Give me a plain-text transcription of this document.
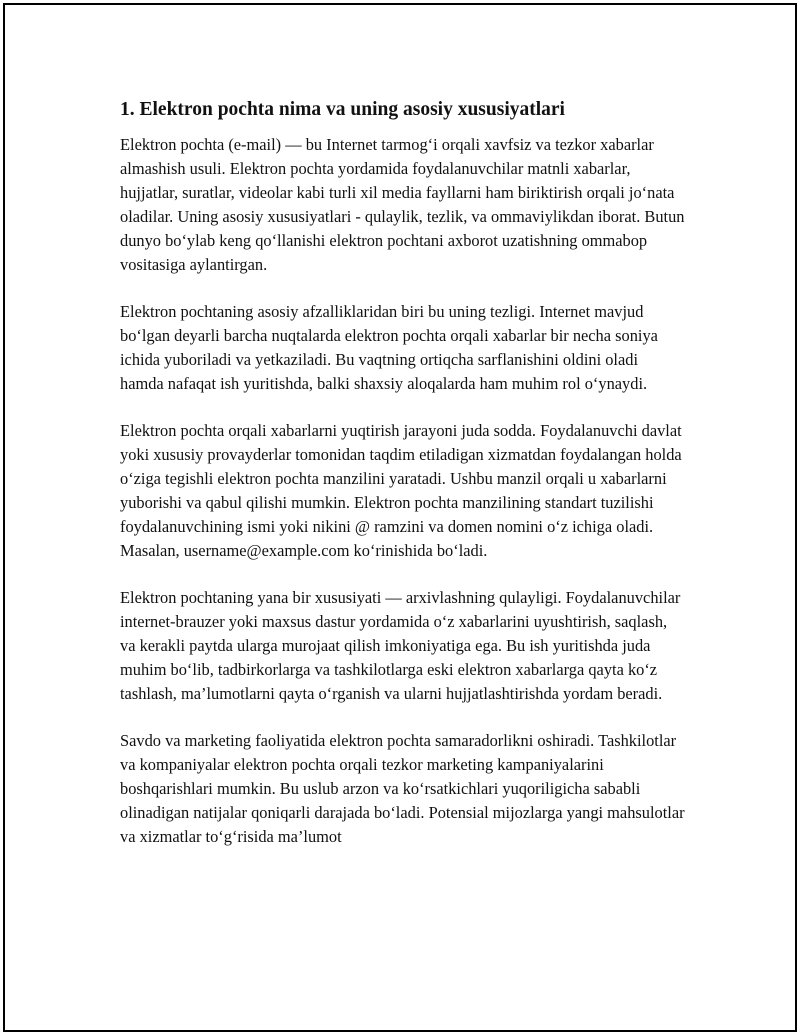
1. Elektron pochta nima va uning asosiy xususiyatlari

Elektron pochta (e-mail) — bu Internet tarmog‘i orqali xavfsiz va tezkor xabarlar almashish usuli. Elektron pochta yordamida foydalanuvchilar matnli xabarlar, hujjatlar, suratlar, videolar kabi turli xil media fayllarni ham biriktirish orqali jo‘nata oladilar. Uning asosiy xususiyatlari - qulaylik, tezlik, va ommaviylikdan iborat. Butun dunyo bo‘ylab keng qo‘llanishi elektron pochtani axborot uzatishning ommabop vositasiga aylantirgan.

Elektron pochtaning asosiy afzalliklaridan biri bu uning tezligi. Internet mavjud bo‘lgan deyarli barcha nuqtalarda elektron pochta orqali xabarlar bir necha soniya ichida yuboriladi va yetkaziladi. Bu vaqtning ortiqcha sarflanishini oldini oladi hamda nafaqat ish yuritishda, balki shaxsiy aloqalarda ham muhim rol o‘ynaydi.

Elektron pochta orqali xabarlarni yuqtirish jarayoni juda sodda. Foydalanuvchi davlat yoki xususiy provayderlar tomonidan taqdim etiladigan xizmatdan foydalangan holda o‘ziga tegishli elektron pochta manzilini yaratadi. Ushbu manzil orqali u xabarlarni yuborishi va qabul qilishi mumkin. Elektron pochta manzilining standart tuzilishi foydalanuvchining ismi yoki nikini @ ramzini va domen nomini o‘z ichiga oladi. Masalan, username@example.com ko‘rinishida bo‘ladi.

Elektron pochtaning yana bir xususiyati — arxivlashning qulayligi. Foydalanuvchilar internet-brauzer yoki maxsus dastur yordamida o‘z xabarlarini uyushtirish, saqlash, va kerakli paytda ularga murojaat qilish imkoniyatiga ega. Bu ish yuritishda juda muhim bo‘lib, tadbirkorlarga va tashkilotlarga eski elektron xabarlarga qayta ko‘z tashlash, ma’lumotlarni qayta o‘rganish va ularni hujjatlashtirishda yordam beradi.

Savdo va marketing faoliyatida elektron pochta samaradorlikni oshiradi. Tashkilotlar va kompaniyalar elektron pochta orqali tezkor marketing kampaniyalarini boshqarishlari mumkin. Bu uslub arzon va ko‘rsatkichlari yuqoriligicha sababli olinadigan natijalar qoniqarli darajada bo‘ladi. Potensial mijozlarga yangi mahsulotlar va xizmatlar to‘g‘risida ma’lumot
